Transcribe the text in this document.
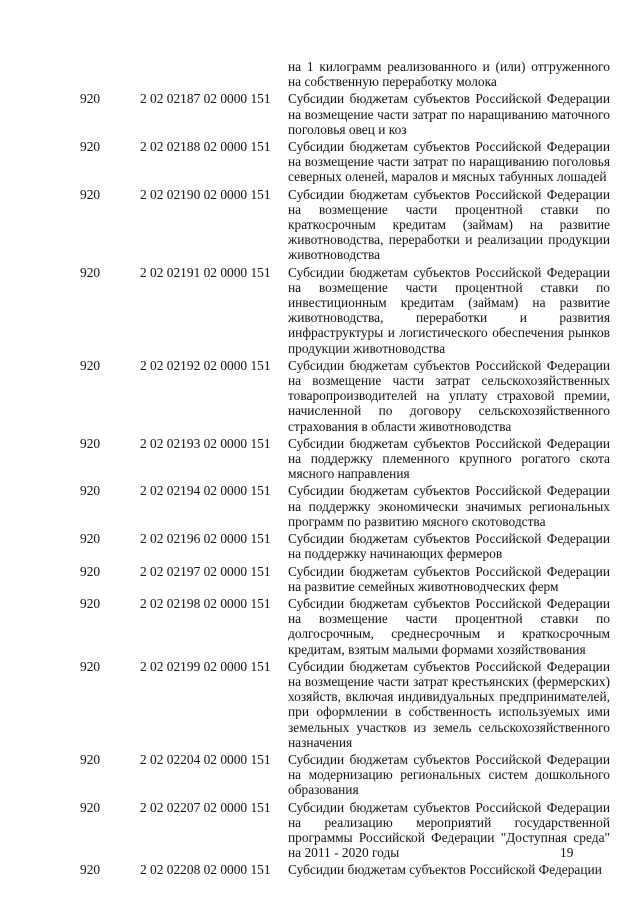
на 1 килограмм реализованного и (или) отгруженного на собственную переработку молока
920	2 02 02187 02 0000 151	Субсидии бюджетам субъектов Российской Федерации на возмещение части затрат по наращиванию маточного поголовья овец и коз
920	2 02 02188 02 0000 151	Субсидии бюджетам субъектов Российской Федерации на возмещение части затрат по наращиванию поголовья северных оленей, маралов и мясных табунных лошадей
920	2 02 02190 02 0000 151	Субсидии бюджетам субъектов Российской Федерации на возмещение части процентной ставки по краткосрочным кредитам (займам) на развитие животноводства, переработки и реализации продукции животноводства
920	2 02 02191 02 0000 151	Субсидии бюджетам субъектов Российской Федерации на возмещение части процентной ставки по инвестиционным кредитам (займам) на развитие животноводства, переработки и развития инфраструктуры и логистического обеспечения рынков продукции животноводства
920	2 02 02192 02 0000 151	Субсидии бюджетам субъектов Российской Федерации на возмещение части затрат сельскохозяйственных товаропроизводителей на уплату страховой премии, начисленной по договору сельскохозяйственного страхования в области животноводства
920	2 02 02193 02 0000 151	Субсидии бюджетам субъектов Российской Федерации на поддержку племенного крупного рогатого скота мясного направления
920	2 02 02194 02 0000 151	Субсидии бюджетам субъектов Российской Федерации на поддержку экономически значимых региональных программ по развитию мясного скотоводства
920	2 02 02196 02 0000 151	Субсидии бюджетам субъектов Российской Федерации на поддержку начинающих фермеров
920	2 02 02197 02 0000 151	Субсидии бюджетам субъектов Российской Федерации на развитие семейных животноводческих ферм
920	2 02 02198 02 0000 151	Субсидии бюджетам субъектов Российской Федерации на возмещение части процентной ставки по долгосрочным, среднесрочным и краткосрочным кредитам, взятым малыми формами хозяйствования
920	2 02 02199 02 0000 151	Субсидии бюджетам субъектов Российской Федерации на возмещение части затрат крестьянских (фермерских) хозяйств, включая индивидуальных предпринимателей, при оформлении в собственность используемых ими земельных участков из земель сельскохозяйственного назначения
920	2 02 02204 02 0000 151	Субсидии бюджетам субъектов Российской Федерации на модернизацию региональных систем дошкольного образования
920	2 02 02207 02 0000 151	Субсидии бюджетам субъектов Российской Федерации на реализацию мероприятий государственной программы Российской Федерации "Доступная среда" на 2011 - 2020 годы
920	2 02 02208 02 0000 151	Субсидии бюджетам субъектов Российской Федерации
19
